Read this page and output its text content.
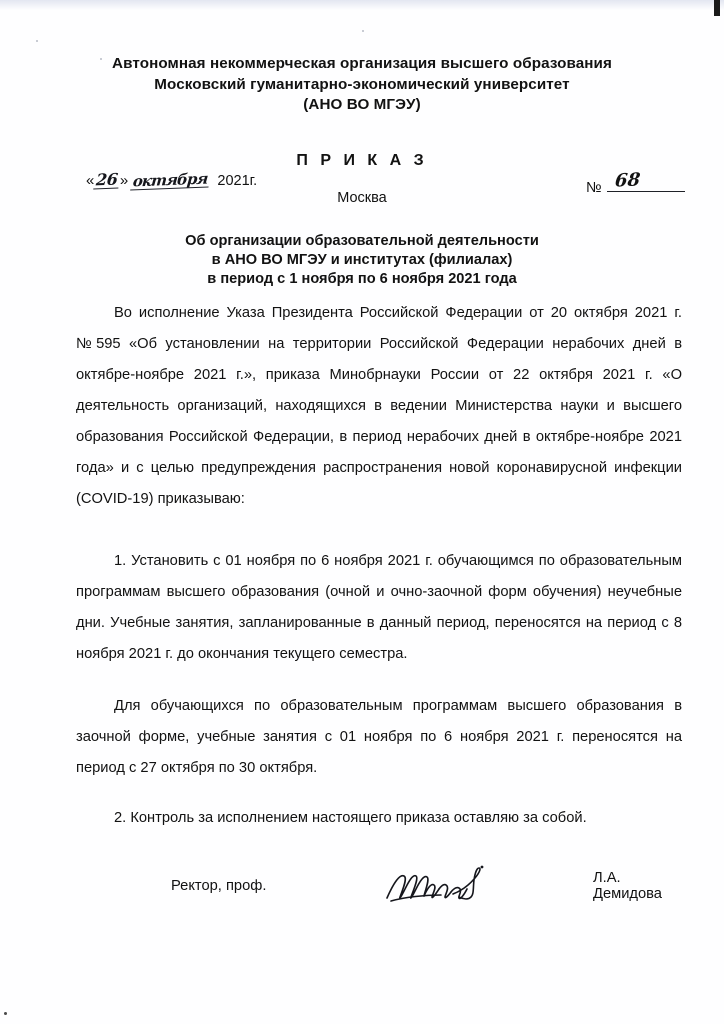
Автономная некоммерческая организация высшего образования
Московский гуманитарно-экономический университет
(АНО ВО МГЭУ)
П Р И К А З
Москва
« 26 » октября 2021г.	№ 68
Об организации образовательной деятельности
в АНО ВО МГЭУ и институтах (филиалах)
в период с 1 ноября по 6 ноября 2021 года

Во исполнение Указа Президента Российской Федерации от 20 октября 2021 г. №595 «Об установлении на территории Российской Федерации нерабочих дней в октябре-ноябре 2021 г.», приказа Минобрнауки России от 22 октября 2021 г. «О деятельность организаций, находящихся в ведении Министерства науки и высшего образования Российской Федерации, в период нерабочих дней в октябре-ноябре 2021 года» и с целью предупреждения распространения новой коронавирусной инфекции (COVID-19) приказываю:

1. Установить с 01 ноября по 6 ноября 2021 г. обучающимся по образовательным программам высшего образования (очной и очно-заочной форм обучения) неучебные дни. Учебные занятия, запланированные в данный период, переносятся на период с 8 ноября 2021 г. до окончания текущего семестра.

Для обучающихся по образовательным программам высшего образования в заочной форме, учебные занятия с 01 ноября по 6 ноября 2021 г. переносятся на период с 27 октября по 30 октября.

2. Контроль за исполнением настоящего приказа оставляю за собой.

Ректор, проф.	Л.А. Демидова
